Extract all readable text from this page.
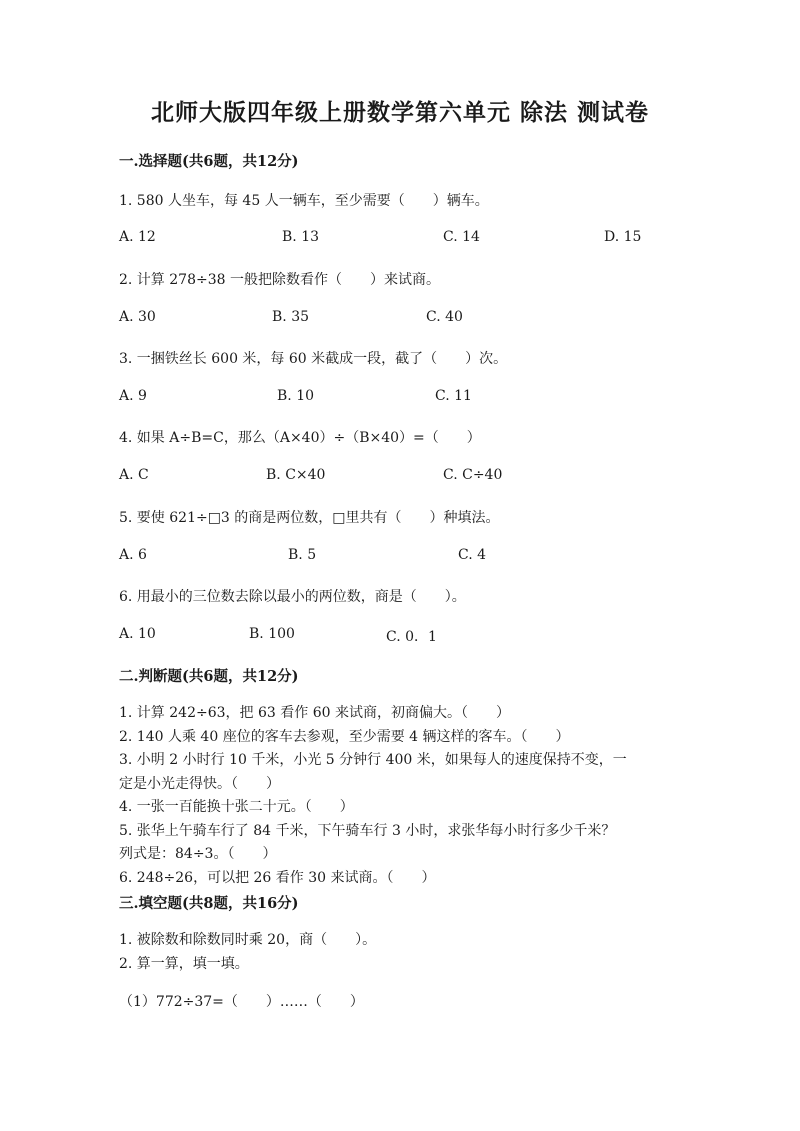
北师大版四年级上册数学第六单元 除法 测试卷
一.选择题(共6题，共12分)
1. 580 人坐车，每 45 人一辆车，至少需要（　　）辆车。
A. 12	B. 13	C. 14	D. 15
2. 计算 278÷38 一般把除数看作（　　）来试商。
A. 30	B. 35	C. 40
3. 一捆铁丝长 600 米，每 60 米截成一段，截了（　　）次。
A. 9	B. 10	C. 11
4. 如果 A÷B=C，那么（A×40）÷（B×40）=（　　）
A. C	B. C×40	C. C÷40
5. 要使 621÷□3 的商是两位数，□里共有（　　）种填法。
A. 6	B. 5	C. 4
6. 用最小的三位数去除以最小的两位数，商是（　　）。
A. 10	B. 100	C. 0．1
二.判断题(共6题，共12分)
1. 计算 242÷63，把 63 看作 60 来试商，初商偏大。（　　）
2. 140 人乘 40 座位的客车去参观，至少需要 4 辆这样的客车。（　　）
3. 小明 2 小时行 10 千米，小光 5 分钟行 400 米，如果每人的速度保持不变，一
定是小光走得快。（　　）
4. 一张一百能换十张二十元。（　　）
5. 张华上午骑车行了 84 千米，下午骑车行 3 小时，求张华每小时行多少千米？
列式是：84÷3。（　　）
6. 248÷26，可以把 26 看作 30 来试商。（　　）
三.填空题(共8题，共16分)
1. 被除数和除数同时乘 20，商（　　）。
2. 算一算，填一填。
（1）772÷37=（　　）……（　　）
